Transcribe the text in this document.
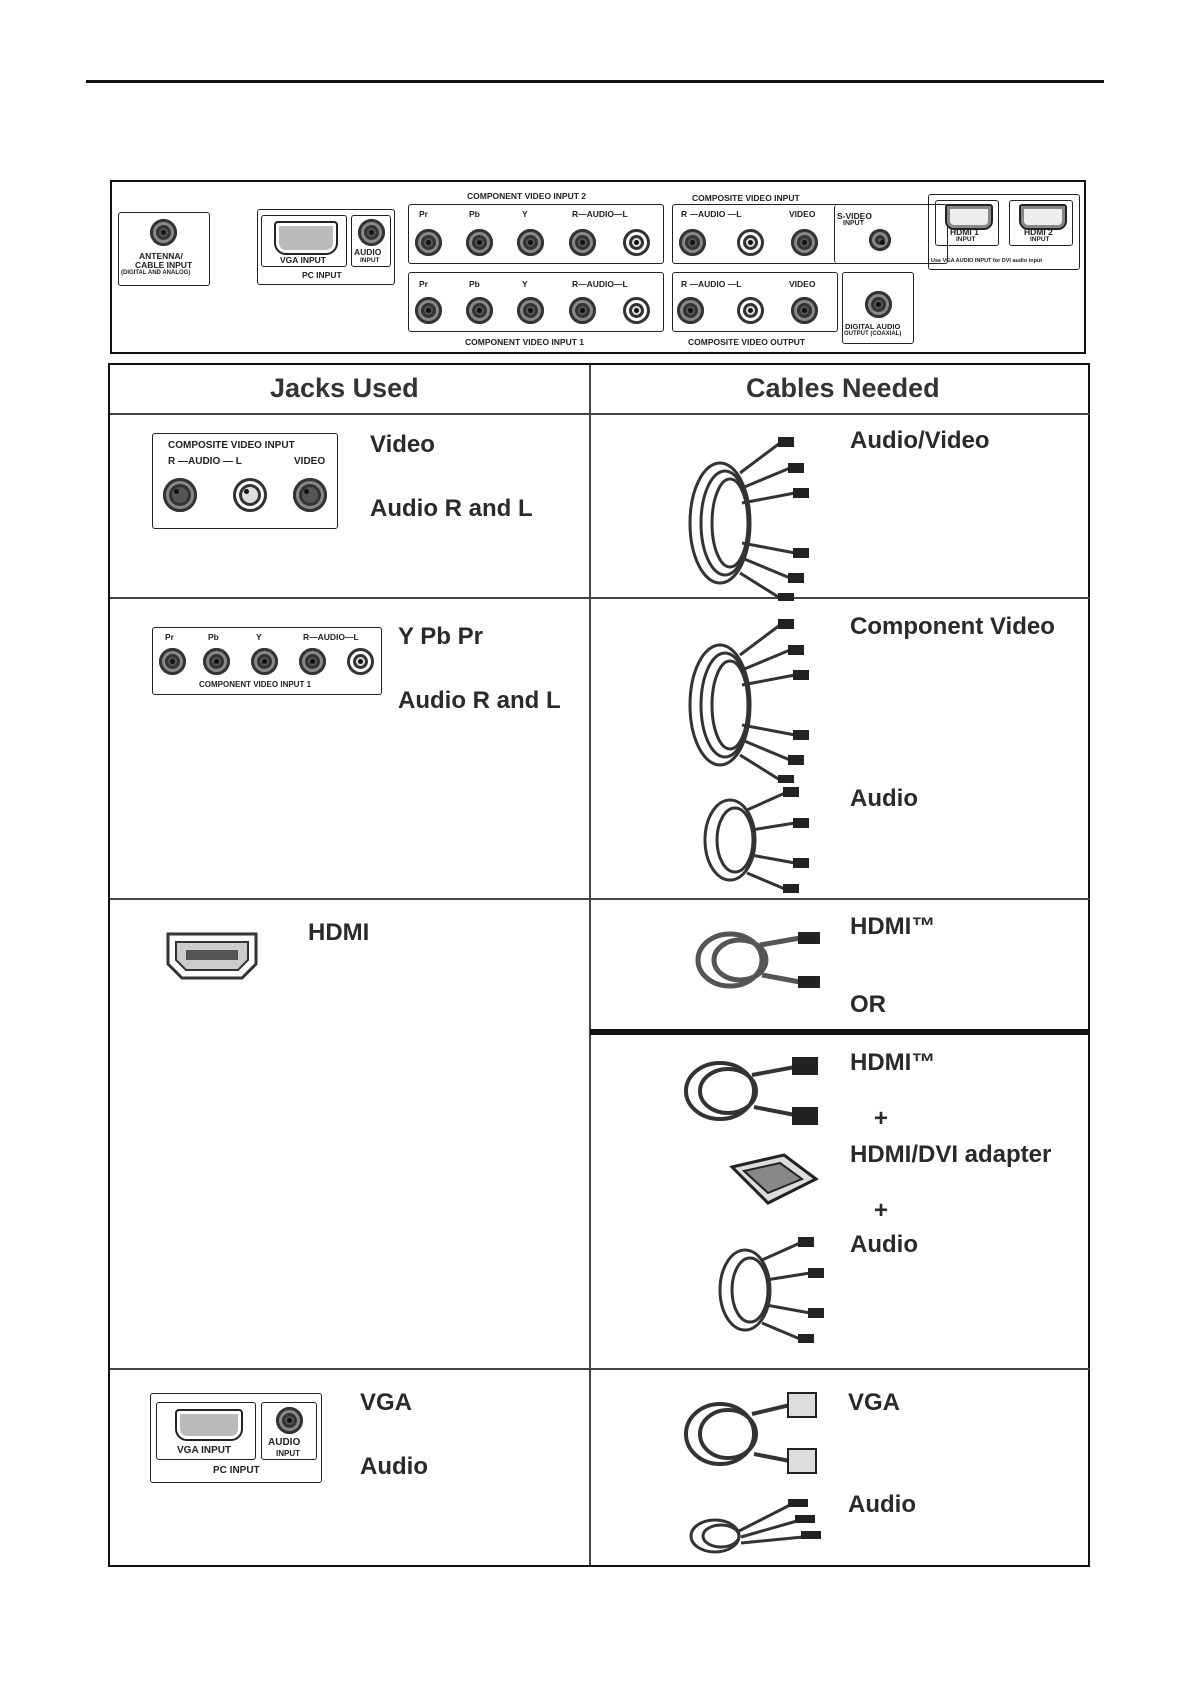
ANTENNA/
CABLE INPUT
(DIGITAL AND ANALOG)
VGA INPUT
AUDIO
INPUT
PC INPUT
COMPONENT VIDEO INPUT 2
Pr	Pb	Y	R—AUDIO—L
Pr	Pb	Y	R—AUDIO—L
COMPONENT VIDEO INPUT 1
COMPOSITE VIDEO INPUT
R —AUDIO —L	VIDEO	S-VIDEO
INPUT
R —AUDIO —L	VIDEO
COMPOSITE VIDEO OUTPUT
DIGITAL AUDIO
OUTPUT (COAXIAL)
HDMI 1
INPUT
HDMI 2
INPUT
Use VGA AUDIO INPUT for DVI audio input
Jacks Used	Cables Needed
COMPOSITE VIDEO INPUT
R —AUDIO — L	VIDEO
Video
Audio R and L
Audio/Video
Pr	Pb	Y	R—AUDIO—L
COMPONENT VIDEO INPUT 1
Y Pb Pr
Audio R and L
Component Video
Audio
HDMI	HDMI™
OR
HDMI™
+
HDMI/DVI adapter
+
Audio
VGA INPUT
AUDIO
INPUT
PC INPUT
VGA
Audio
VGA
Audio
